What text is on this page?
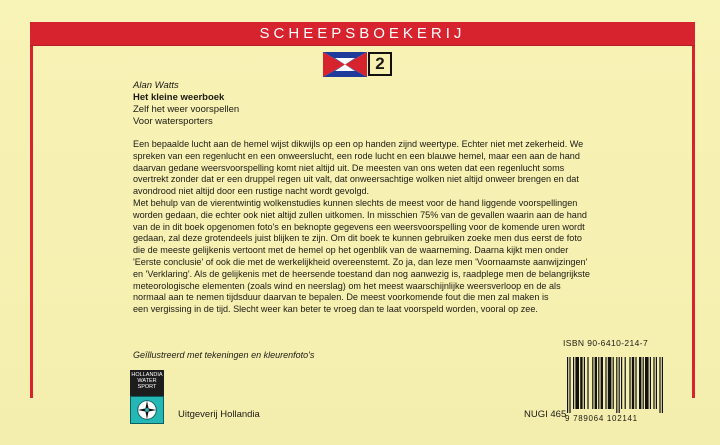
SCHEEPSBOEKERIJ
2
Alan Watts
Het kleine weerboek
Zelf het weer voorspellen
Voor watersporters
Een bepaalde lucht aan de hemel wijst dikwijls op een op handen zijnd weertype. Echter niet met zekerheid. We
spreken van een regenlucht en een onweerslucht, een rode lucht en een blauwe hemel, maar een aan de hand
daarvan gedane weersvoorspelling komt niet altijd uit. De meesten van ons weten dat een regenlucht soms
overtrekt zonder dat er een druppel regen uit valt, dat onweersachtige wolken niet altijd onweer brengen en dat
avondrood niet altijd door een rustige nacht wordt gevolgd.
Met behulp van de vierentwintig wolkenstudies kunnen slechts de meest voor de hand liggende voorspellingen
worden gedaan, die echter ook niet altijd zullen uitkomen. In misschien 75% van de gevallen waarin aan de hand
van de in dit boek opgenomen foto's en beknopte gegevens een weersvoorspelling voor de komende uren wordt
gedaan, zal deze grotendeels juist blijken te zijn. Om dit boek te kunnen gebruiken zoeke men dus eerst de foto
die de meeste gelijkenis vertoont met de hemel op het ogenblik van de waarneming. Daarna kijkt men onder
'Eerste conclusie' of ook die met de werkelijkheid overeenstemt. Zo ja, dan leze men 'Voornaamste aanwijzingen'
en 'Verklaring'. Als de gelijkenis met de heersende toestand dan nog aanwezig is, raadplege men de belangrijkste
meteorologische elementen (zoals wind en neerslag) om het meest waarschijnlijke weersverloop en de als
normaal aan te nemen tijdsduur daarvan te bepalen. De meest voorkomende fout die men zal maken is
een vergissing in de tijd. Slecht weer kan beter te vroeg dan te laat voorspeld worden, vooral op zee.
Geïllustreerd met tekeningen en kleurenfoto's
ISBN 90-6410-214-7
9 789064 102141
HOLLANDIA WATER SPORT
Uitgeverij Hollandia	NUGI 465
